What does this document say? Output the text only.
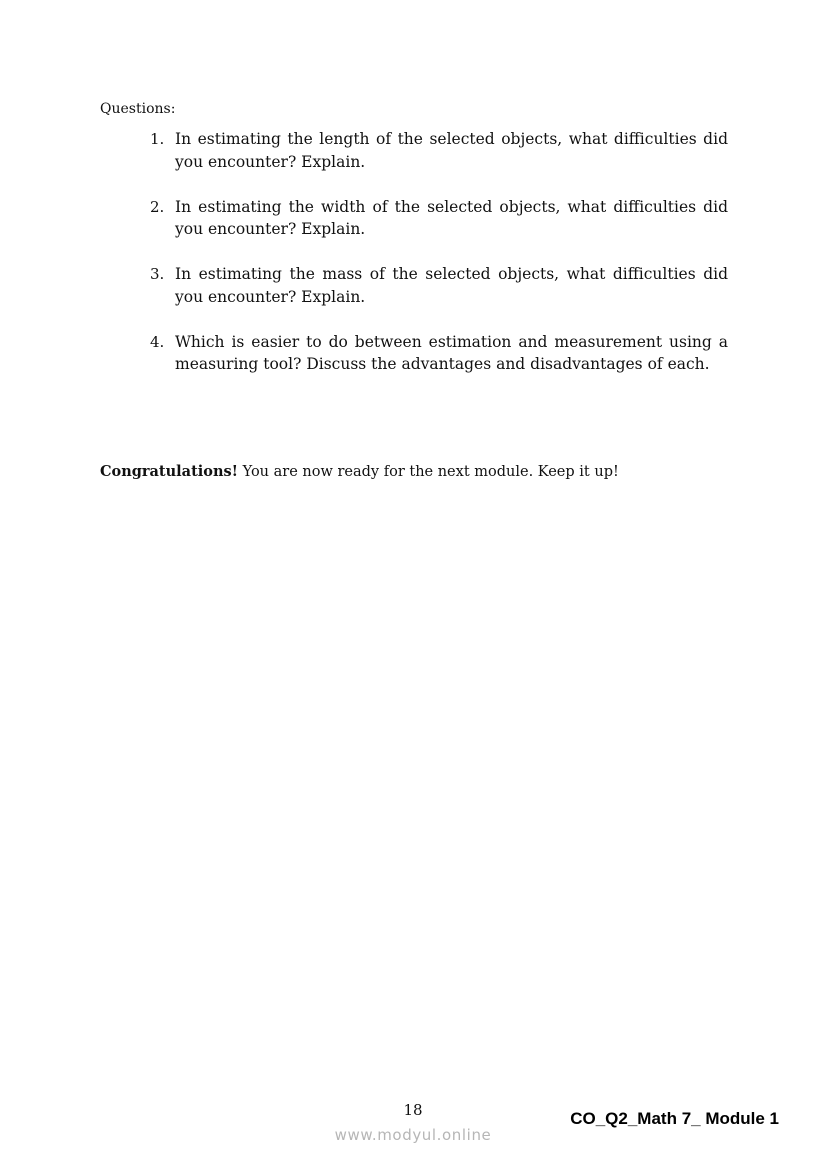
Questions:
1. In estimating the length of the selected objects, what difficulties did you encounter? Explain.
2. In estimating the width of the selected objects, what difficulties did you encounter? Explain.
3. In estimating the mass of the selected objects, what difficulties did you encounter? Explain.
4. Which is easier to do between estimation and measurement using a measuring tool? Discuss the advantages and disadvantages of each.
Congratulations! You are now ready for the next module. Keep it up!
18	CO_Q2_Math 7_ Module 1
www.modyul.online
